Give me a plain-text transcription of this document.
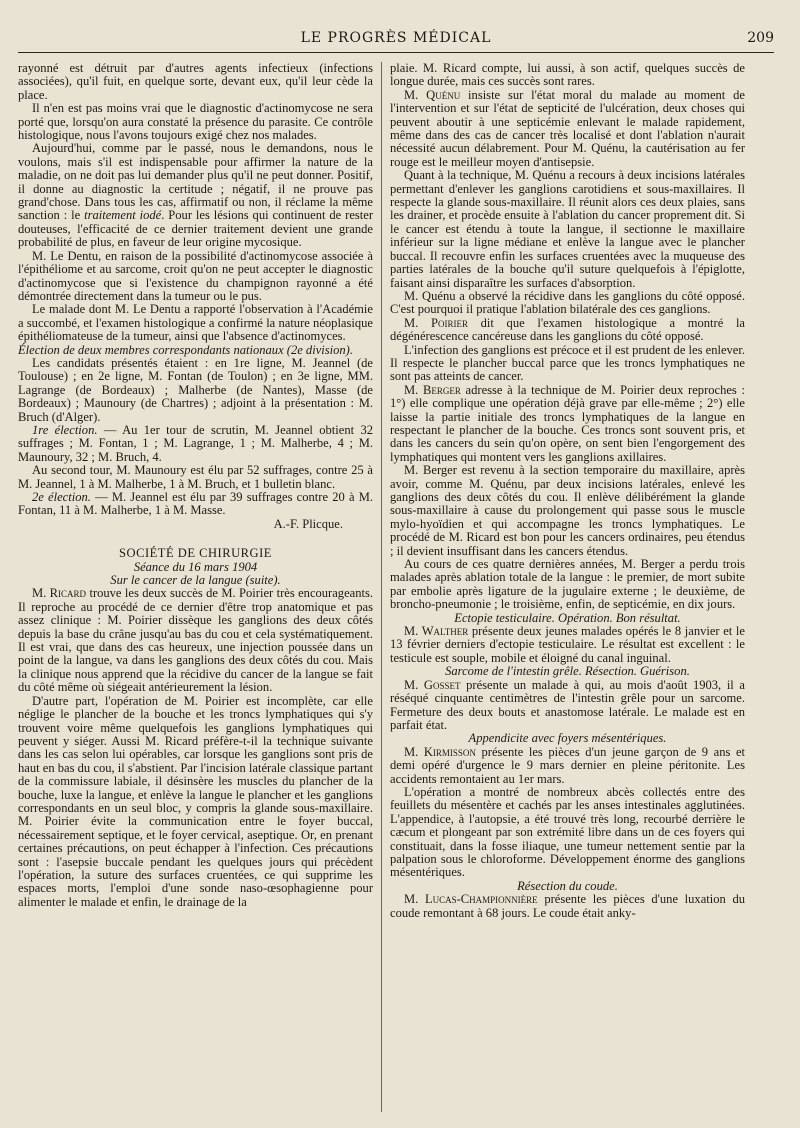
LE PROGRÈS MÉDICAL	209

rayonné est détruit par d'autres agents infectieux (infections associées), qu'il fuit, en quelque sorte, devant eux, qu'il leur cède la place.

Il n'en est pas moins vrai que le diagnostic d'actinomycose ne sera porté que, lorsqu'on aura constaté la présence du parasite. Ce contrôle histologique, nous l'avons toujours exigé chez nos malades.

Aujourd'hui, comme par le passé, nous le demandons, nous le voulons, mais s'il est indispensable pour affirmer la nature de la maladie, on ne doit pas lui demander plus qu'il ne peut donner. Positif, il donne au diagnostic la certitude ; négatif, il ne prouve pas grand'chose. Dans tous les cas, affirmatif ou non, il réclame la même sanction : le traitement iodé. Pour les lésions qui continuent de rester douteuses, l'efficacité de ce dernier traitement devient une grande probabilité de plus, en faveur de leur origine mycosique.

M. Le Dentu, en raison de la possibilité d'actinomycose associée à l'épithéliome et au sarcome, croit qu'on ne peut accepter le diagnostic d'actinomycose que si l'existence du champignon rayonné a été démontrée directement dans la tumeur ou le pus.

Le malade dont M. Le Dentu a rapporté l'observation à l'Académie a succombé, et l'examen histologique a confirmé la nature néoplasique épithéliomateuse de la tumeur, ainsi que l'absence d'actinomyces.

Élection de deux membres correspondants nationaux (2e division).

Les candidats présentés étaient : en 1re ligne, M. Jeannel (de Toulouse) ; en 2e ligne, M. Fontan (de Toulon) ; en 3e ligne, MM. Lagrange (de Bordeaux) ; Malherbe (de Nantes), Masse (de Bordeaux) ; Maunoury (de Chartres) ; adjoint à la présentation : M. Bruch (d'Alger).

1re élection. — Au 1er tour de scrutin, M. Jeannel obtient 32 suffrages ; M. Fontan, 1 ; M. Lagrange, 1 ; M. Malherbe, 4 ; M. Maunoury, 32 ; M. Bruch, 4.

Au second tour, M. Maunoury est élu par 52 suffrages, contre 25 à M. Jeannel, 1 à M. Malherbe, 1 à M. Bruch, et 1 bulletin blanc.

2e élection. — M. Jeannel est élu par 39 suffrages contre 20 à M. Fontan, 11 à M. Malherbe, 1 à M. Masse.

A.-F. Plicque.

SOCIÉTÉ DE CHIRURGIE

Séance du 16 mars 1904

Sur le cancer de la langue (suite).

M. Ricard trouve les deux succès de M. Poirier très encourageants. Il reproche au procédé de ce dernier d'être trop anatomique et pas assez clinique : M. Poirier dissèque les ganglions des deux côtés depuis la base du crâne jusqu'au bas du cou et cela systématiquement. Il est vrai, que dans des cas heureux, une injection poussée dans un point de la langue, va dans les ganglions des deux côtés du cou. Mais la clinique nous apprend que la récidive du cancer de la langue se fait du côté même où siégeait antérieurement la lésion.

D'autre part, l'opération de M. Poirier est incomplète, car elle néglige le plancher de la bouche et les troncs lymphatiques qui s'y trouvent voire même quelquefois les ganglions lymphatiques qui peuvent y siéger. Aussi M. Ricard préfère-t-il la technique suivante dans les cas selon lui opérables, car lorsque les ganglions sont pris de haut en bas du cou, il s'abstient. Par l'incision latérale classique partant de la commissure labiale, il désinsère les muscles du plancher de la bouche, luxe la langue, et enlève la langue le plancher et les ganglions correspondants en un seul bloc, y compris la glande sous-maxillaire. M. Poirier évite la communication entre le foyer buccal, nécessairement septique, et le foyer cervical, aseptique. Or, en prenant certaines précautions, on peut échapper à l'infection. Ces précautions sont : l'asepsie buccale pendant les quelques jours qui précèdent l'opération, la suture des surfaces cruentées, ce qui supprime les espaces morts, l'emploi d'une sonde naso-œsophagienne pour alimenter le malade et enfin, le drainage de la

plaie. M. Ricard compte, lui aussi, à son actif, quelques succès de longue durée, mais ces succès sont rares.

M. Quénu insiste sur l'état moral du malade au moment de l'intervention et sur l'état de septicité de l'ulcération, deux choses qui peuvent aboutir à une septicémie enlevant le malade rapidement, même dans des cas de cancer très localisé et dont l'ablation n'aurait nécessité aucun délabrement. Pour M. Quénu, la cautérisation au fer rouge est le meilleur moyen d'antisepsie.

Quant à la technique, M. Quénu a recours à deux incisions latérales permettant d'enlever les ganglions carotidiens et sous-maxillaires. Il respecte la glande sous-maxillaire. Il réunit alors ces deux plaies, sans les drainer, et procède ensuite à l'ablation du cancer proprement dit. Si le cancer est étendu à toute la langue, il sectionne le maxillaire inférieur sur la ligne médiane et enlève la langue avec le plancher buccal. Il recouvre enfin les surfaces cruentées avec la muqueuse des parties latérales de la bouche qu'il suture quelquefois à l'épiglotte, faisant ainsi disparaître les surfaces d'absorption.

M. Quénu a observé la récidive dans les ganglions du côté opposé. C'est pourquoi il pratique l'ablation bilatérale des ces ganglions.

M. Poirier dit que l'examen histologique a montré la dégénérescence cancéreuse dans les ganglions du côté opposé.

L'infection des ganglions est précoce et il est prudent de les enlever. Il respecte le plancher buccal parce que les troncs lymphatiques ne sont pas atteints de cancer.

M. Berger adresse à la technique de M. Poirier deux reproches : 1°) elle complique une opération déjà grave par elle-même ; 2°) elle laisse la partie initiale des troncs lymphatiques de la langue en respectant le plancher de la bouche. Ces troncs sont souvent pris, et dans les cancers du sein qu'on opère, on sent bien l'engorgement des lymphatiques qui montent vers les ganglions axillaires.

M. Berger est revenu à la section temporaire du maxillaire, après avoir, comme M. Quénu, par deux incisions latérales, enlevé les ganglions des deux côtés du cou. Il enlève délibérément la glande sous-maxillaire à cause du prolongement qui passe sous le muscle mylo-hyoïdien et qui accompagne les troncs lymphatiques. Le procédé de M. Ricard est bon pour les cancers ordinaires, peu étendus ; il devient insuffisant dans les cancers étendus.

Au cours de ces quatre dernières années, M. Berger a perdu trois malades après ablation totale de la langue : le premier, de mort subite par embolie après ligature de la jugulaire externe ; le deuxième, de broncho-pneumonie ; le troisième, enfin, de septicémie, en dix jours.

Ectopie testiculaire. Opération. Bon résultat.

M. Walther présente deux jeunes malades opérés le 8 janvier et le 13 février derniers d'ectopie testiculaire. Le résultat est excellent : le testicule est souple, mobile et éloigné du canal inguinal.

Sarcome de l'intestin grêle. Résection. Guérison.

M. Gosset présente un malade à qui, au mois d'août 1903, il a réséqué cinquante centimètres de l'intestin grêle pour un sarcome. Fermeture des deux bouts et anastomose latérale. Le malade est en parfait état.

Appendicite avec foyers mésentériques.

M. Kirmisson présente les pièces d'un jeune garçon de 9 ans et demi opéré d'urgence le 9 mars dernier en pleine péritonite. Les accidents remontaient au 1er mars.

L'opération a montré de nombreux abcès collectés entre des feuillets du mésentère et cachés par les anses intestinales agglutinées. L'appendice, à l'autopsie, a été trouvé très long, recourbé derrière le cæcum et plongeant par son extrémité libre dans un de ces foyers qui constituait, dans la fosse iliaque, une tumeur nettement sentie par la palpation sous le chloroforme. Développement énorme des ganglions mésentériques.

Résection du coude.

M. Lucas-Championnière présente les pièces d'une luxation du coude remontant à 68 jours. Le coude était anky-
